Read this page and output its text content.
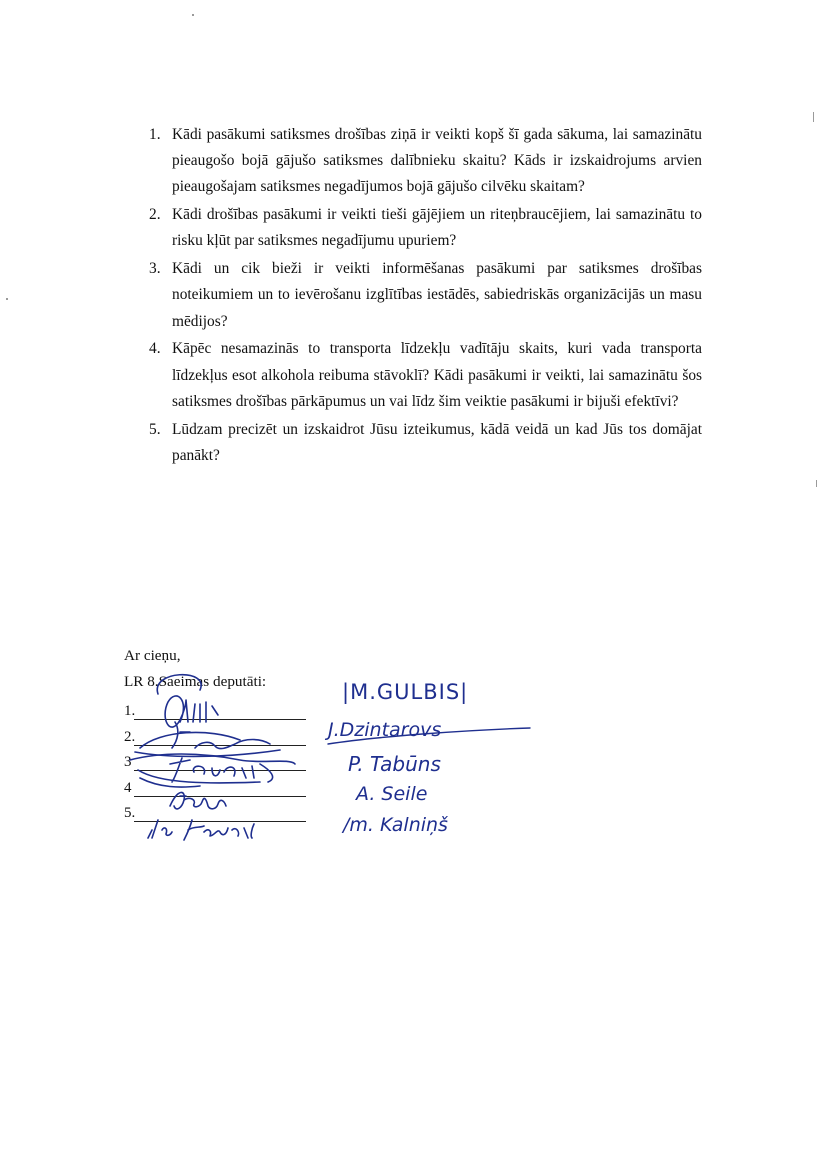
1. Kādi pasākumi satiksmes drošības ziņā ir veikti kopš šī gada sākuma, lai samazinātu pieaugošo bojā gājušo satiksmes dalībnieku skaitu? Kāds ir izskaidrojums arvien pieaugošajam satiksmes negadījumos bojā gājušo cilvēku skaitam?
2. Kādi drošības pasākumi ir veikti tieši gājējiem un riteņbraucējiem, lai samazinātu to risku kļūt par satiksmes negadījumu upuriem?
3. Kādi un cik bieži ir veikti informēšanas pasākumi par satiksmes drošības noteikumiem un to ievērošanu izglītības iestādēs, sabiedriskās organizācijās un masu mēdijos?
4. Kāpēc nesamazinās to transporta līdzekļu vadītāju skaits, kuri vada transporta līdzekļus esot alkohola reibuma stāvoklī? Kādi pasākumi ir veikti, lai samazinātu šos satiksmes drošības pārkāpumus un vai līdz šim veiktie pasākumi ir bijuši efektīvi?
5. Lūdzam precizēt un izskaidrot Jūsu izteikumus, kādā veidā un kad Jūs tos domājat panākt?
Ar cieņu,
LR 8.Saeimas deputāti:
1.
2.
3
4
5.
|M.GULBIS|
J.Dzintarovs
P. Tabūns
A. Seile
/m. Kalniņš
